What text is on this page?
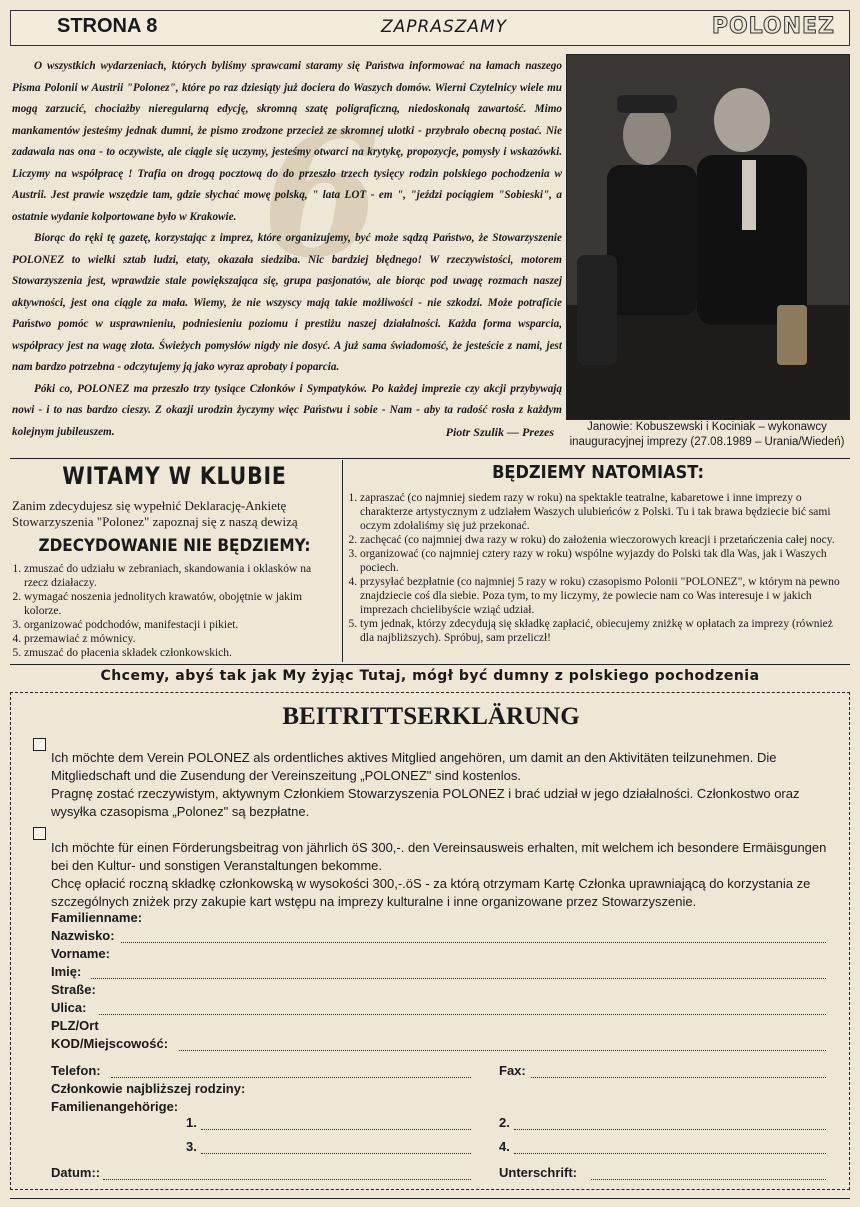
STRONA 8	ZAPRASZAMY	POLONEZ
6

O wszystkich wydarzeniach, których byliśmy sprawcami staramy się Państwa informować na łamach naszego Pisma Polonii w Austrii "Polonez", które po raz dziesiąty już dociera do Waszych domów. Wierni Czytelnicy wiele mu mogą zarzucić, chociażby nieregularną edycję, skromną szatę poligraficzną, niedoskonałą zawartość. Mimo mankamentów jesteśmy jednak dumni, że pismo zrodzone przecież ze skromnej ulotki - przybrało obecną postać. Nie zadawala nas ona - to oczywiste, ale ciągle się uczymy, jesteśmy otwarci na krytykę, propozycje, pomysły i wskazówki. Liczymy na współpracę ! Trafia on drogą pocztową do do przeszło trzech tysięcy rodzin polskiego pochodzenia w Austrii. Jest prawie wszędzie tam, gdzie słychać mowę polską, " lata LOT - em ", "jeździ pociągiem "Sobieski", a ostatnie wydanie kolportowane było w Krakowie.

Biorąc do ręki tę gazetę, korzystając z imprez, które organizujemy, być może sądzą Państwo, że Stowarzyszenie POLONEZ to wielki sztab ludzi, etaty, okazała siedziba. Nic bardziej błędnego! W rzeczywistości, motorem Stowarzyszenia jest, wprawdzie stale powiększająca się, grupa pasjonatów, ale biorąc pod uwagę rozmach naszej aktywności, jest ona ciągle za mała. Wiemy, że nie wszyscy mają takie możliwości - nie szkodzi. Może potraficie Państwo pomóc w usprawnieniu, podniesieniu poziomu i prestiżu naszej działalności. Każda forma wsparcia, współpracy jest na wagę złota. Świeżych pomysłów nigdy nie dosyć. A już sama świadomość, że jesteście z nami, jest nam bardzo potrzebna - odczytujemy ją jako wyraz aprobaty i poparcia.

Póki co, POLONEZ ma przeszło trzy tysiące Członków i Sympatyków. Po każdej imprezie czy akcji przybywają nowi - i to nas bardzo cieszy. Z okazji urodzin życzymy więc Państwu i sobie - Nam - aby ta radość rosła z każdym kolejnym jubileuszem.	Piotr Szulik — Prezes	Janowie: Kobuszewski i Kociniak – wykonawcy inauguracyjnej imprezy (27.08.1989 – Urania/Wiedeń)
WITAMY W KLUBIE
Zanim zdecydujesz się wypełnić Deklarację-Ankietę Stowarzyszenia "Polonez" zapoznaj się z naszą dewizą
ZDECYDOWANIE NIE BĘDZIEMY:
1. zmuszać do udziału w zebraniach, skandowania i oklasków na rzecz działaczy.
2. wymagać noszenia jednolitych krawatów, obojętnie w jakim kolorze.
3. organizować podchodów, manifestacji i pikiet.
4. przemawiać z mównicy.
5. zmuszać do płacenia składek członkowskich.
BĘDZIEMY NATOMIAST:
1. zapraszać (co najmniej siedem razy w roku) na spektakle teatralne, kabaretowe i inne imprezy o charakterze artystycznym z udziałem Waszych ulubieńców z Polski. Tu i tak brawa będziecie bić sami oczym zdołaliśmy się już przekonać.
2. zachęcać (co najmniej dwa razy w roku) do założenia wieczorowych kreacji i przetańczenia całej nocy.
3. organizować (co najmniej cztery razy w roku) wspólne wyjazdy do Polski tak dla Was, jak i Waszych pociech.
4. przysyłać bezpłatnie (co najmniej 5 razy w roku) czasopismo Polonii "POLONEZ", w którym na pewno znajdziecie coś dla siebie. Poza tym, to my liczymy, że powiecie nam co Was interesuje i w jakich imprezach chcielibyście wziąć udział.
5. tym jednak, którzy zdecydują się składkę zapłacić, obiecujemy zniżkę w opłatach za imprezy (również dla najbliższych). Spróbuj, sam przeliczł!
Chcemy, abyś tak jak My żyjąc Tutaj, mógł być dumny z polskiego pochodzenia
BEITRITTSERKLÄRUNG
Ich möchte dem Verein POLONEZ als ordentliches aktives Mitglied angehören, um damit an den Aktivitäten teilzunehmen. Die Mitgliedschaft und die Zusendung der Vereinszeitung „POLONEZ" sind kostenlos.
Pragnę zostać rzeczywistym, aktywnym Członkiem Stowarzyszenia POLONEZ i brać udział w jego działalności. Członkostwo oraz wysyłka czasopisma „Polonez" są bezpłatne.
Ich möchte für einen Förderungsbeitrag von jährlich öS 300,-. den Vereinsausweis erhalten, mit welchem ich besondere Ermäisgungen bei den Kultur- und sonstigen Veranstaltungen bekomme.
Chcę opłacić roczną składkę członkowską w wysokości 300,-.öS - za którą otrzymam Kartę Członka uprawniającą do korzystania ze szczególnych zniżek przy zakupie kart wstępu na imprezy kulturalne i inne organizowane przez Stowarzyszenie.
Familienname:
Nazwisko:
Vorname:
Imię:
Straße:
Ulica:
PLZ/Ort
KOD/Miejscowość:
Telefon:	Fax:
Członkowie najbliższej rodziny:
Familienangehörige:
1.	2.
3.	4.
Datum::	Unterschrift:
